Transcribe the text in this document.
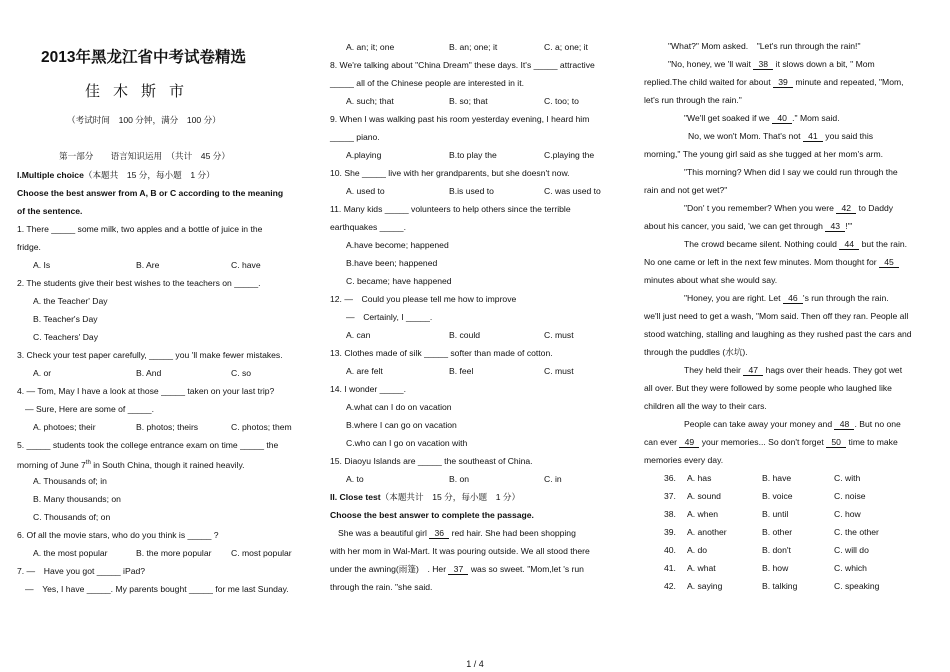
2013年黑龙江省中考试卷精选
佳木斯市
（考试时间　100 分钟，满分　100 分）
第一部分　　语言知识运用　（共计　45 分）
I.Multiple choice（本题共　15 分，每小题　1 分）
Choose the best answer from A, B or C according to the meaning
of the sentence.
1. There _____ some milk, two apples and a bottle of juice in the
fridge.
A. Is	B. Are	C. have
2. The students give their best wishes to the teachers on _____.
A. the Teacher' Day
B. Teacher's Day
C. Teachers' Day
3. Check your test paper carefully, _____ you 'll make fewer mistakes.
A. or	B. And	C. so
4. — Tom, May I have a look at those _____ taken on your last trip?
— Sure, Here are some of _____.
A. photoes; their	B. photos; theirs	C. photos; them
5. _____ students took the college entrance exam on time _____ the
morning of June 7th in South China, though it rained heavily.
A. Thousands of; in
B. Many thousands; on
C. Thousands of; on
6. Of all the movie stars, who do you think is _____ ?
A. the most popular	B. the more popular C. most popular
7. —　Have you got _____ iPad?
—　Yes, I have _____. My parents bought _____ for me last Sunday.
A. an; it; one	B. an; one; it	C. a; one; it
8. We're talking about "China Dream" these days. It's _____ attractive
_____ all of the Chinese people are interested in it.
A. such; that	B. so; that	C. too; to
9. When I was walking past his room yesterday evening, I heard him
_____ piano.
A.playing	B.to play the	C.playing the
10. She _____ live with her grandparents, but she doesn't now.
A. used to	B.is used to	C. was used to
11. Many kids _____ volunteers to help others since the terrible
earthquakes _____.
A.have become; happened
B.have been; happened
C. became; have happened
12. —　Could you please tell me how to improve
—　Certainly, I _____.
A. can	B. could	C. must
13. Clothes made of silk _____ softer than made of cotton.
A. are felt	B. feel	C. must
14. I wonder _____.
A.what can I do on vacation
B.where I can go on vacation
C.who can I go on vacation with
15. Diaoyu Islands are _____ the southeast of China.
A. to	B. on	C. in
II. Close test（本题共计　15 分，每小题　1 分）
Choose the best answer to complete the passage.
She was a beautiful girl 36 red hair. She had been shopping
with her mom in Wal-Mart. It was pouring outside. We all stood there
under the awning(雨篷)　. Her 37 was so sweet. "Mom,let 's run
through the rain. "she said.
"What?" Mom asked.　"Let's run through the rain!"
"No, honey, we 'll wait 38 it slows down a bit, " Mom
replied.The child waited for about 39 minute and repeated, "Mom,
let's run through the rain."
"We'll get soaked if we 40 ." Mom said.
No, we won't Mom. That's not 41 you said this
morning," The young girl said as she tugged at her mom's arm.
"This morning? When did I say we could run through the
rain and not get wet?"
"Don' t you remember? When you were 42 to Daddy
about his cancer, you said, 'we can get through 43 !'"
The crowd became silent. Nothing could 44 but the rain.
No one came or left in the next few minutes. Mom thought for 45
minutes about what she would say.
"Honey, you are right. Let 46 's run through the rain.
we'll just need to get a wash, "Mom said. Then off they ran. People all
stood watching, stalling and laughing as they rushed past the cars and
through the puddles (水坑).
They held their 47 hags over their heads. They got wet
all over. But they were followed by some people who laughed like
children all the way to their cars.
People can take away your money and 48 . But no one
can ever 49 your memories... So don't forget 50 time to make
memories every day.
36. A. has	B. have	C. with
37. A. sound	B. voice	C. noise
38. A. when	B. until	C. how
39. A. another	B. other	C. the other
40. A. do	B. don't	C. will do
41. A. what	B. how	C. which
42. A. saying	B. talking	C. speaking
1 / 4
